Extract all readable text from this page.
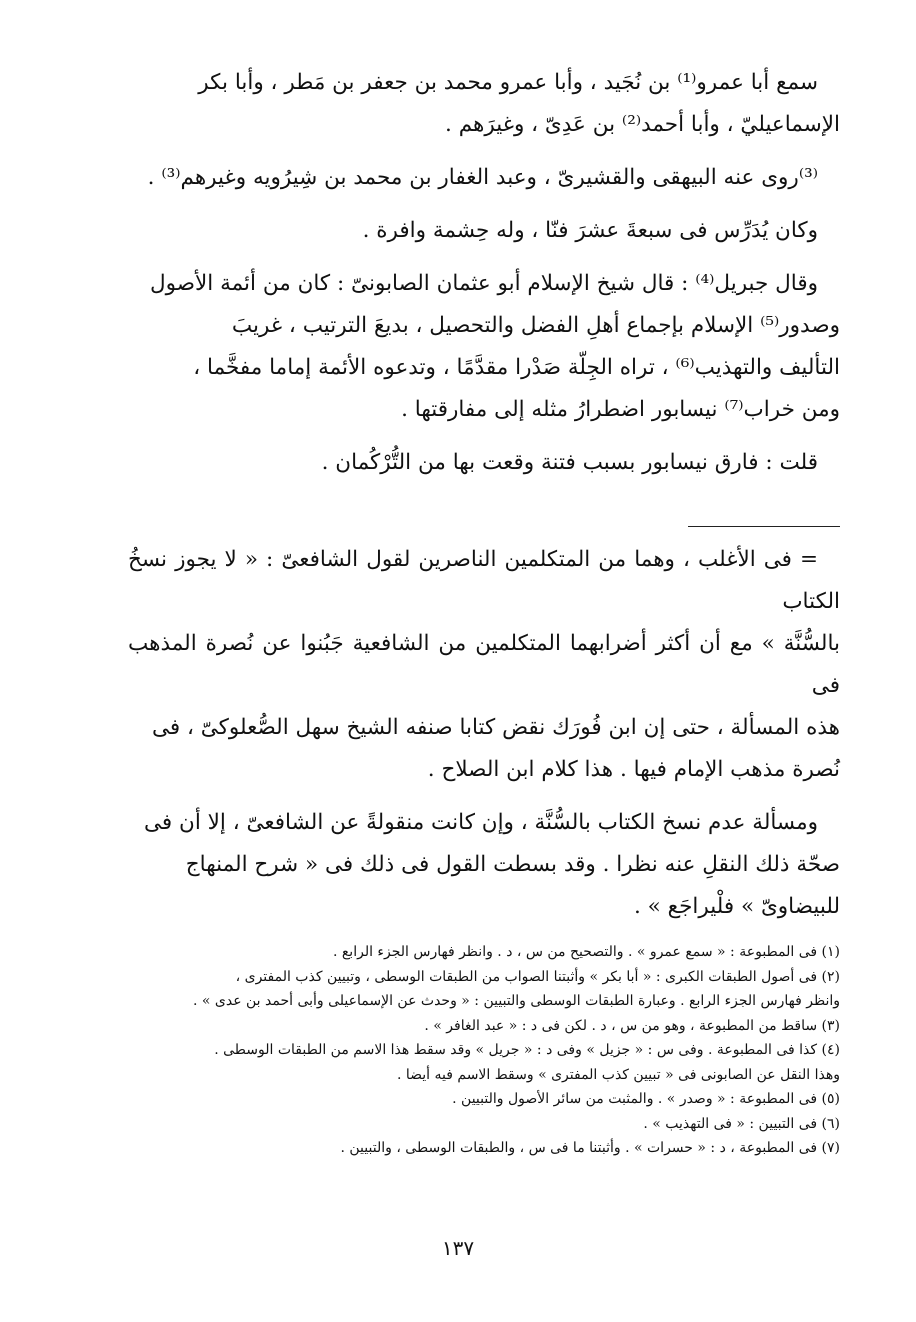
سمع أبا عمرو⁽¹⁾ بن نُجَيد ، وأبا عمرو محمد بن جعفر بن مَطر ، وأبا بكر
الإسماعيليّ ، وأبا أحمد⁽²⁾ بن عَدِىّ ، وغيرَهم .

⁽³⁾روى عنه البيهقى والقشيرىّ ، وعبد الغفار بن محمد بن شِيرُويه وغيرهم⁽³⁾ .

وكان يُدَرِّس فى سبعةَ عشرَ فنّا ، وله حِشمة وافرة .

وقال جبريل⁽⁴⁾ : قال شيخ الإسلام أبو عثمان الصابونىّ : كان من أئمة الأصول
وصدور⁽⁵⁾ الإسلام بإجماع أهلِ الفضل والتحصيل ، بديعَ الترتيب ، غريبَ
التأليف والتهذيب⁽⁶⁾ ، تراه الجِلّة صَدْرا مقدَّمًا ، وتدعوه الأئمة إماما مفخَّما ،
ومن خراب⁽⁷⁾ نيسابور اضطرارُ مثله إلى مفارقتها .

قلت : فارق نيسابور بسبب فتنة وقعت بها من التُّرْكُمان .

= فى الأغلب ، وهما من المتكلمين الناصرين لقول الشافعىّ : « لا يجوز نسخُ الكتاب
بالسُّنَّة » مع أن أكثر أضرابهما المتكلمين من الشافعية جَبُنوا عن نُصرة المذهب فى
هذه المسألة ، حتى إن ابن فُورَك نقض كتابا صنفه الشيخ سهل الصُّعلوكىّ ، فى
نُصرة مذهب الإمام فيها . هذا كلام ابن الصلاح .

ومسألة عدم نسخ الكتاب بالسُّنَّة ، وإن كانت منقولةً عن الشافعىّ ، إلا أن فى
صحّة ذلك النقلِ عنه نظرا . وقد بسطت القول فى ذلك فى « شرح المنهاج
للبيضاوىّ » فلْيراجَع » .

(١) فى المطبوعة : « سمع عمرو » . والتصحيح من س ، د . وانظر فهارس الجزء الرابع .
(٢) فى أصول الطبقات الكبرى : « أبا بكر » وأثبتنا الصواب من الطبقات الوسطى ، وتبيين كذب المفترى ،
وانظر فهارس الجزء الرابع . وعبارة الطبقات الوسطى والتبيين : « وحدث عن الإسماعيلى وأبى أحمد بن عدى » .
(٣) ساقط من المطبوعة ، وهو من س ، د . لكن فى د : « عبد الغافر » .
(٤) كذا فى المطبوعة . وفى س : « جزيل » وفى د : « جريل » وقد سقط هذا الاسم من الطبقات الوسطى .
وهذا النقل عن الصابونى فى « تبيين كذب المفترى » وسقط الاسم فيه أيضا .
(٥) فى المطبوعة : « وصدر » . والمثبت من سائر الأصول والتبيين .
(٦) فى التبيين : « فى التهذيب » .
(٧) فى المطبوعة ، د : « حسرات » . وأثبتنا ما فى س ، والطبقات الوسطى ، والتبيين .
١٣٧
